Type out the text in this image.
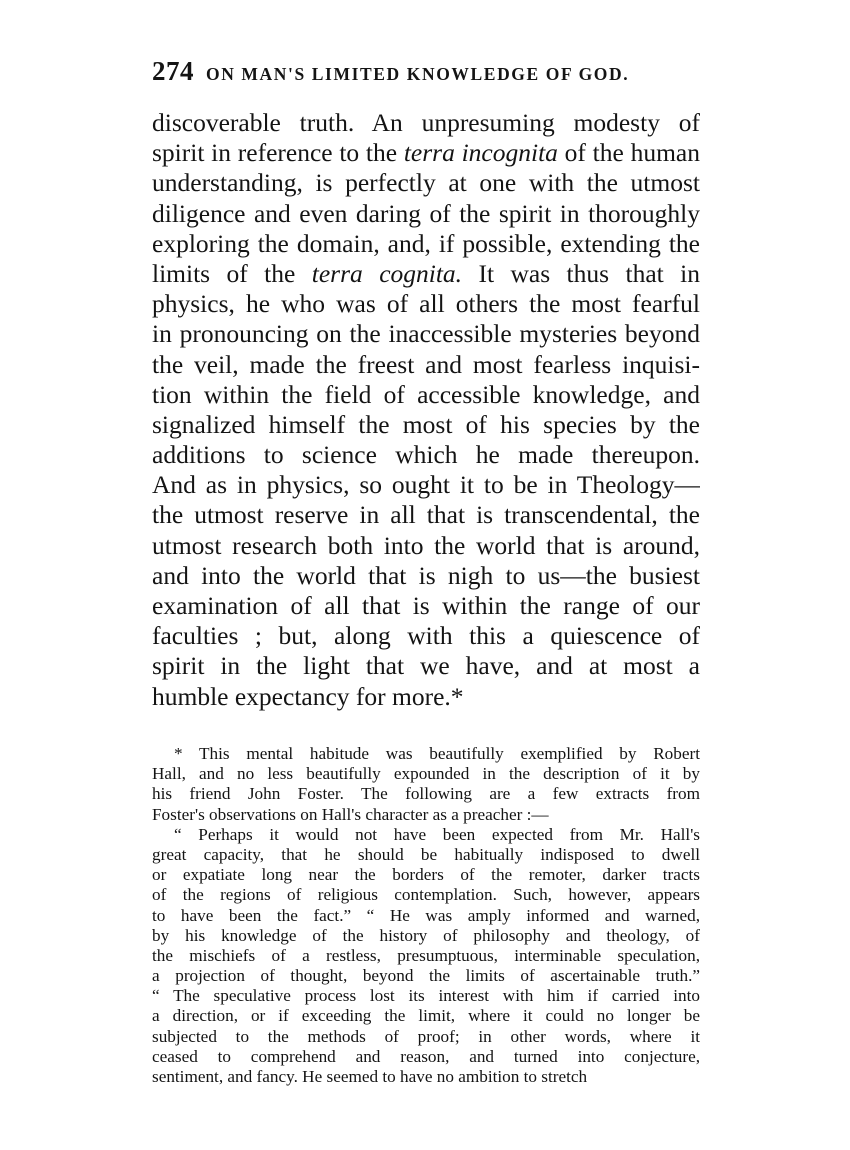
274 ON MAN'S LIMITED KNOWLEDGE OF GOD.
discoverable truth. An unpresuming modesty of
spirit in reference to the terra incognita of the human
understanding, is perfectly at one with the utmost
diligence and even daring of the spirit in thoroughly
exploring the domain, and, if possible, extending the
limits of the terra cognita. It was thus that in
physics, he who was of all others the most fearful
in pronouncing on the inaccessible mysteries beyond
the veil, made the freest and most fearless inquisi-
tion within the field of accessible knowledge, and
signalized himself the most of his species by the
additions to science which he made thereupon.
And as in physics, so ought it to be in Theology—
the utmost reserve in all that is transcendental, the
utmost research both into the world that is around,
and into the world that is nigh to us—the busiest
examination of all that is within the range of our
faculties ; but, along with this a quiescence of
spirit in the light that we have, and at most a
humble expectancy for more.*
* This mental habitude was beautifully exemplified by Robert
Hall, and no less beautifully expounded in the description of it by
his friend John Foster. The following are a few extracts from
Foster's observations on Hall's character as a preacher :—
“ Perhaps it would not have been expected from Mr. Hall's
great capacity, that he should be habitually indisposed to dwell
or expatiate long near the borders of the remoter, darker tracts
of the regions of religious contemplation. Such, however, appears
to have been the fact.” “ He was amply informed and warned,
by his knowledge of the history of philosophy and theology, of
the mischiefs of a restless, presumptuous, interminable speculation,
a projection of thought, beyond the limits of ascertainable truth.”
“ The speculative process lost its interest with him if carried into
a direction, or if exceeding the limit, where it could no longer be
subjected to the methods of proof; in other words, where it
ceased to comprehend and reason, and turned into conjecture,
sentiment, and fancy. He seemed to have no ambition to stretch
